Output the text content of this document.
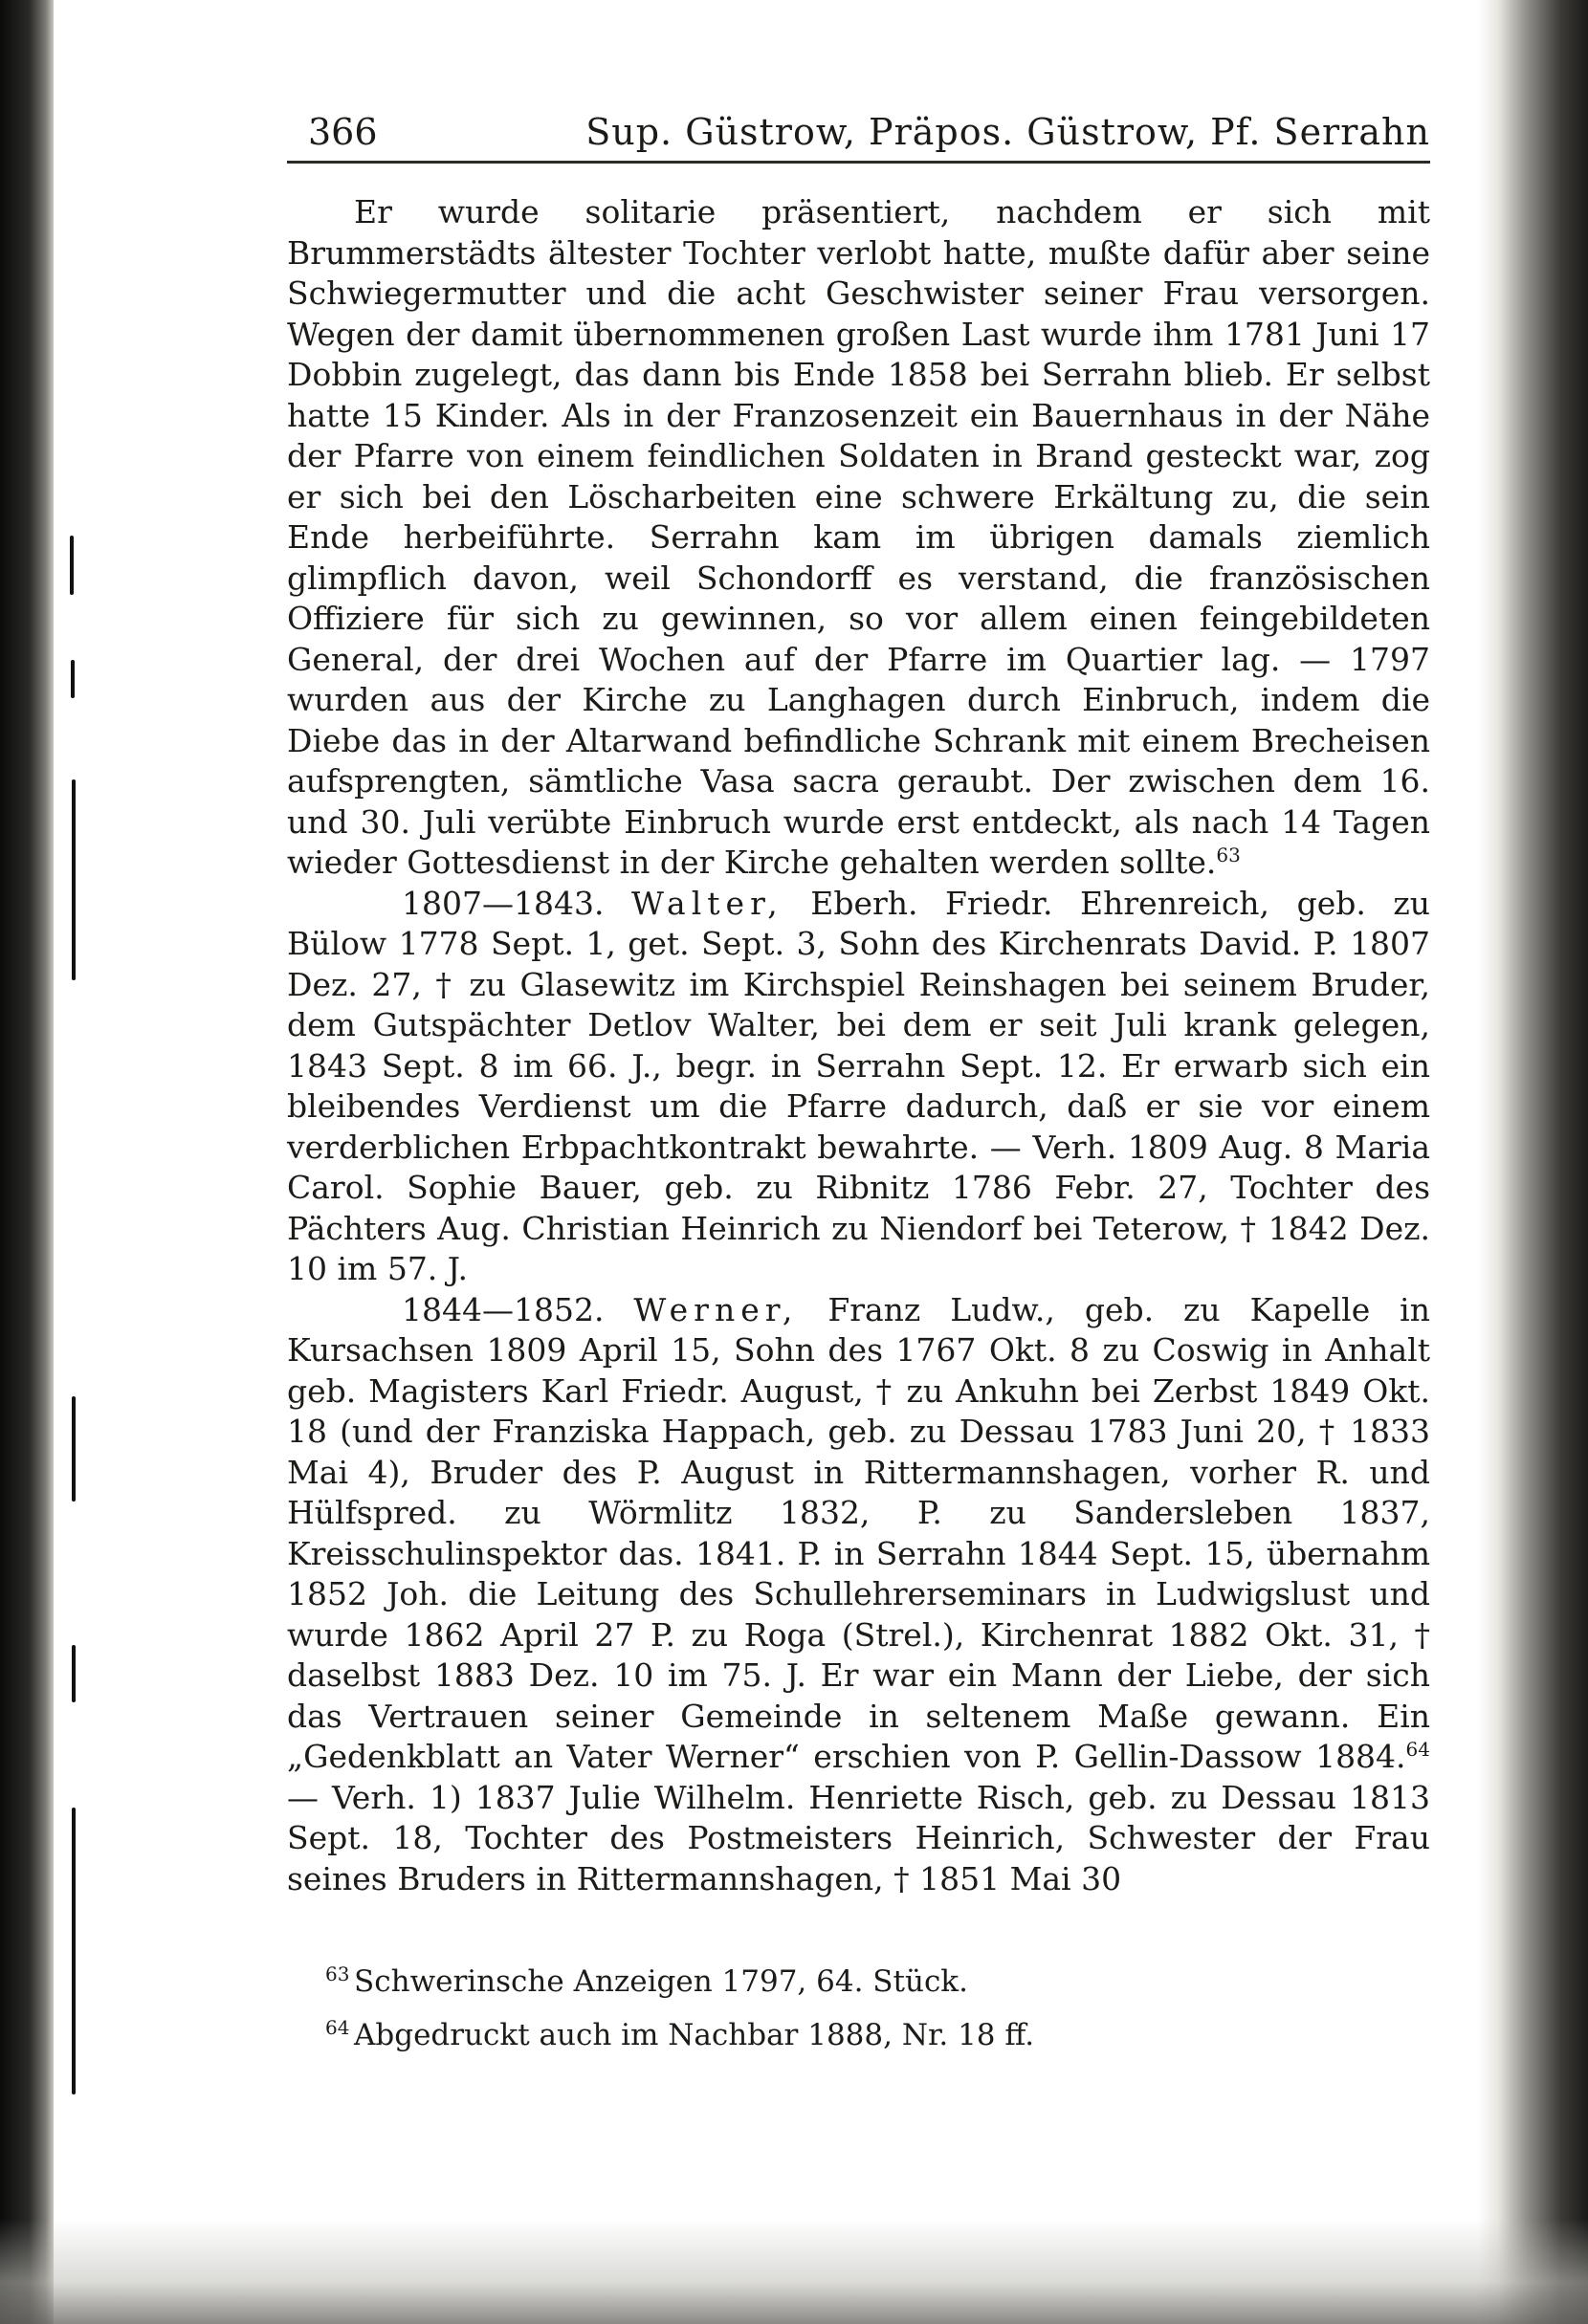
366	Sup. Güstrow, Präpos. Güstrow, Pf. Serrahn

Er wurde solitarie präsentiert, nachdem er sich mit Brummerstädts ältester Tochter verlobt hatte, mußte dafür aber seine Schwiegermutter und die acht Geschwister seiner Frau versorgen. Wegen der damit übernommenen großen Last wurde ihm 1781 Juni 17 Dobbin zugelegt, das dann bis Ende 1858 bei Serrahn blieb. Er selbst hatte 15 Kinder. Als in der Franzosenzeit ein Bauernhaus in der Nähe der Pfarre von einem feindlichen Soldaten in Brand gesteckt war, zog er sich bei den Löscharbeiten eine schwere Erkältung zu, die sein Ende herbeiführte. Serrahn kam im übrigen damals ziemlich glimpflich davon, weil Schondorff es verstand, die französischen Offiziere für sich zu gewinnen, so vor allem einen feingebildeten General, der drei Wochen auf der Pfarre im Quartier lag. — 1797 wurden aus der Kirche zu Langhagen durch Einbruch, indem die Diebe das in der Altarwand befindliche Schrank mit einem Brecheisen aufsprengten, sämtliche Vasa sacra geraubt. Der zwischen dem 16. und 30. Juli verübte Einbruch wurde erst entdeckt, als nach 14 Tagen wieder Gottesdienst in der Kirche gehalten werden sollte.$^{63}$

1807—1843. Walter, Eberh. Friedr. Ehrenreich, geb. zu Bülow 1778 Sept. 1, get. Sept. 3, Sohn des Kirchenrats David. P. 1807 Dez. 27, † zu Glasewitz im Kirchspiel Reinshagen bei seinem Bruder, dem Gutspächter Detlov Walter, bei dem er seit Juli krank gelegen, 1843 Sept. 8 im 66. J., begr. in Serrahn Sept. 12. Er erwarb sich ein bleibendes Verdienst um die Pfarre dadurch, daß er sie vor einem verderblichen Erbpachtkontrakt bewahrte. — Verh. 1809 Aug. 8 Maria Carol. Sophie Bauer, geb. zu Ribnitz 1786 Febr. 27, Tochter des Pächters Aug. Christian Heinrich zu Niendorf bei Teterow, † 1842 Dez. 10 im 57. J.

1844—1852. Werner, Franz Ludw., geb. zu Kapelle in Kursachsen 1809 April 15, Sohn des 1767 Okt. 8 zu Coswig in Anhalt geb. Magisters Karl Friedr. August, † zu Ankuhn bei Zerbst 1849 Okt. 18 (und der Franziska Happach, geb. zu Dessau 1783 Juni 20, † 1833 Mai 4), Bruder des P. August in Rittermannshagen, vorher R. und Hülfspred. zu Wörmlitz 1832, P. zu Sandersleben 1837, Kreisschulinspektor das. 1841. P. in Serrahn 1844 Sept. 15, übernahm 1852 Joh. die Leitung des Schullehrerseminars in Ludwigslust und wurde 1862 April 27 P. zu Roga (Strel.), Kirchenrat 1882 Okt. 31, † daselbst 1883 Dez. 10 im 75. J. Er war ein Mann der Liebe, der sich das Vertrauen seiner Gemeinde in seltenem Maße gewann. Ein „Gedenkblatt an Vater Werner“ erschien von P. Gellin-Dassow 1884.64 — Verh. 1) 1837 Julie Wilhelm. Henriette Risch, geb. zu Dessau 1813 Sept. 18, Tochter des Postmeisters Heinrich, Schwester der Frau seines Bruders in Rittermannshagen, † 1851 Mai 30

63 Schwerinsche Anzeigen 1797, 64. Stück.
64 Abgedruckt auch im Nachbar 1888, Nr. 18 ff.
